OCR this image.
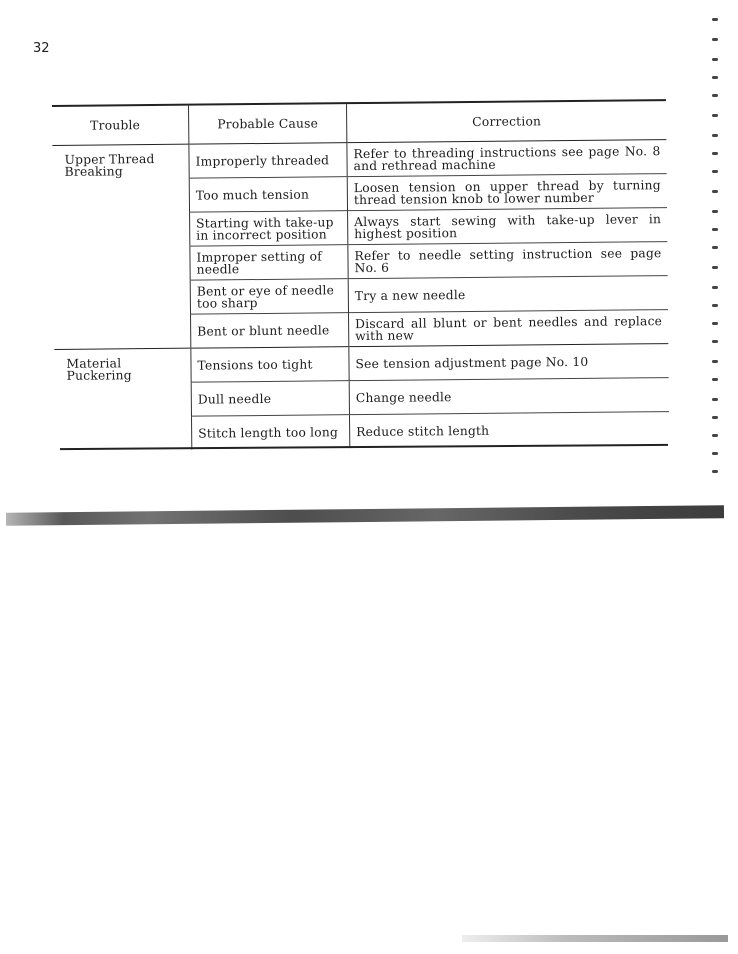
32
Trouble	Probable Cause	Correction
Upper Thread Breaking	Improperly threaded	Refer to threading instructions see page No. 8 and rethread machine
	Too much tension	Loosen tension on upper thread by turning thread tension knob to lower number
	Starting with take-up in incorrect position	Always start sewing with take-up lever in highest position
	Improper setting of needle	Refer to needle setting instruction see page No. 6
	Bent or eye of needle too sharp	Try a new needle
	Bent or blunt needle	Discard all blunt or bent needles and replace with new
Material Puckering	Tensions too tight	See tension adjustment page No. 10
	Dull needle	Change needle
	Stitch length too long	Reduce stitch length
